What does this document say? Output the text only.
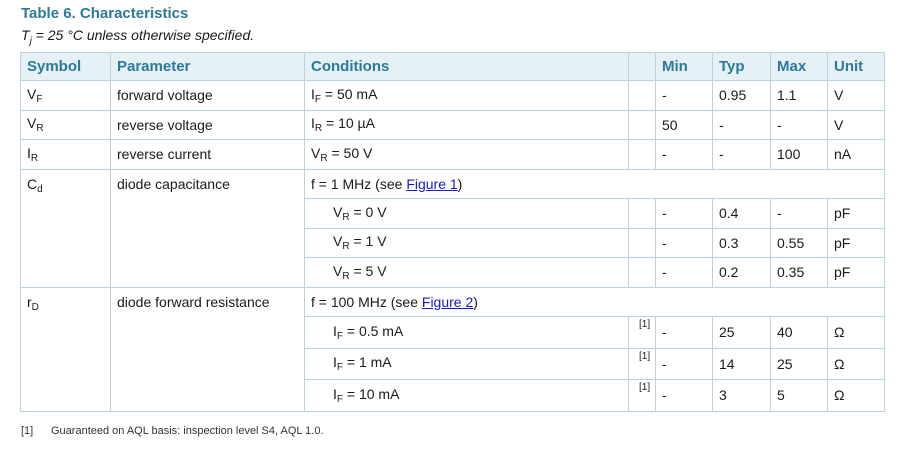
Table 6. Characteristics
$T_j = 25$ °C unless otherwise specified.
Symbol	Parameter	Conditions		Min	Typ	Max	Unit
$V_F$	forward voltage	$I_F = 50$ mA		-	0.95	1.1	V
$V_R$	reverse voltage	$I_R = 10$ µA		50	-	-	V
$I_R$	reverse current	$V_R = 50$ V		-	-	100	nA
$C_d$	diode capacitance	f = 1 MHz (see Figure 1)					
		$V_R = 0$ V		-	0.4	-	pF
		$V_R = 1$ V		-	0.3	0.55	pF
		$V_R = 5$ V		-	0.2	0.35	pF
$r_D$	diode forward resistance	f = 100 MHz (see Figure 2)					
		$I_F = 0.5$ mA	[1]	-	25	40	Ω
		$I_F = 1$ mA	[1]	-	14	25	Ω
		$I_F = 10$ mA	[1]	-	3	5	Ω
[1] Guaranteed on AQL basis: inspection level S4, AQL 1.0.
